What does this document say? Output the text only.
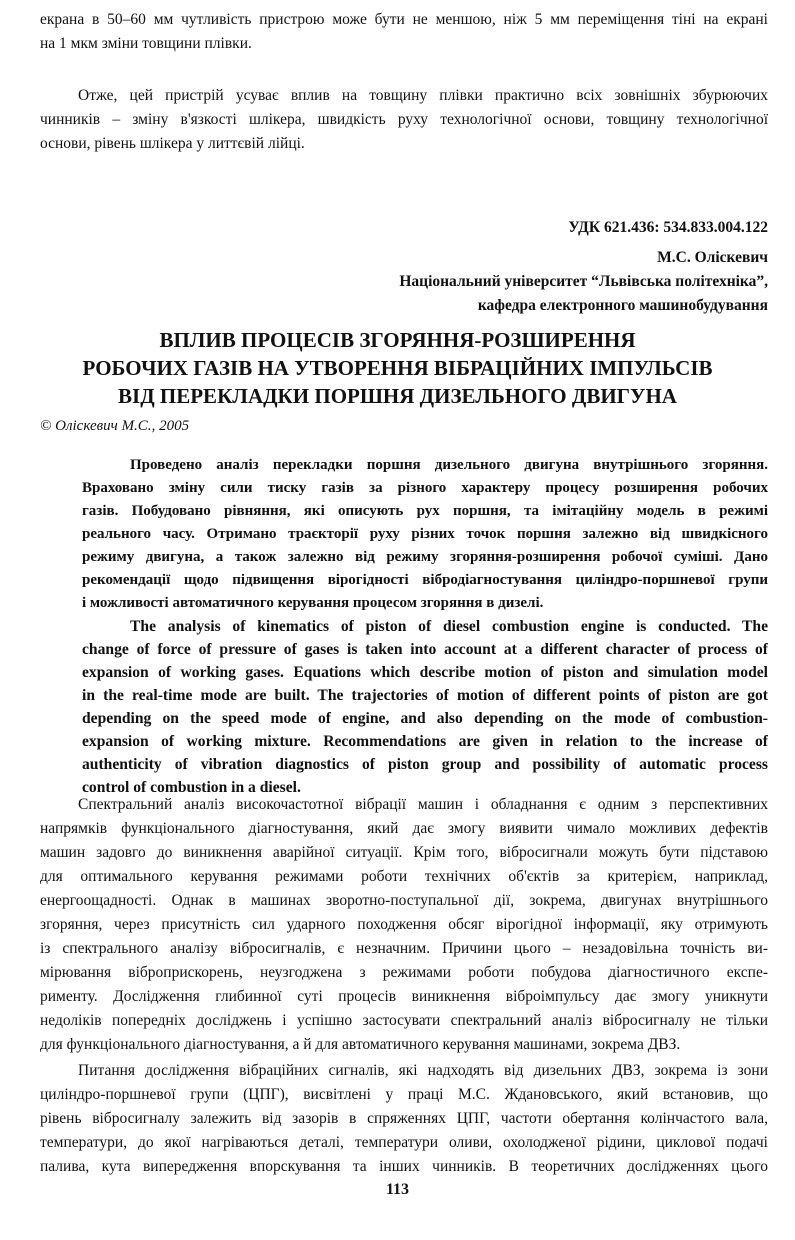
екрана в 50–60 мм чутливість пристрою може бути не меншою, ніж 5 мм переміщення тіні на екрані
на 1 мкм зміни товщини плівки.
Отже, цей пристрій усуває вплив на товщину плівки практично всіх зовнішніх збурюючих
чинників – зміну в'язкості шлікера, швидкість руху технологічної основи, товщину технологічної
основи, рівень шлікера у литтєвій лійці.
УДК 621.436: 534.833.004.122
М.С. Оліскевич
Національний університет “Львівська політехніка”,
кафедра електронного машинобудування
ВПЛИВ ПРОЦЕСІВ ЗГОРЯННЯ-РОЗШИРЕННЯ
РОБОЧИХ ГАЗІВ НА УТВОРЕННЯ ВІБРАЦІЙНИХ ІМПУЛЬСІВ
ВІД ПЕРЕКЛАДКИ ПОРШНЯ ДИЗЕЛЬНОГО ДВИГУНА
© Оліскевич М.С., 2005
Проведено аналіз перекладки поршня дизельного двигуна внутрішнього згоряння.
Враховано зміну сили тиску газів за різного характеру процесу розширення робочих
газів. Побудовано рівняння, які описують рух поршня, та імітаційну модель в режимі
реального часу. Отримано траєкторії руху різних точок поршня залежно від швидкісного
режиму двигуна, а також залежно від режиму згоряння-розширення робочої суміші. Дано
рекомендації щодо підвищення вірогідності вібродіагностування циліндро-поршневої групи
і можливості автоматичного керування процесом згоряння в дизелі.
The analysis of kinematics of piston of diesel combustion engine is conducted. The
change of force of pressure of gases is taken into account at a different character of process of
expansion of working gases. Equations which describe motion of piston and simulation model
in the real-time mode are built. The trajectories of motion of different points of piston are got
depending on the speed mode of engine, and also depending on the mode of combustion-
expansion of working mixture. Recommendations are given in relation to the increase of
authenticity of vibration diagnostics of piston group and possibility of automatic process
control of combustion in a diesel.
Спектральний аналіз високочастотної вібрації машин і обладнання є одним з перспективних
напрямків функціонального діагностування, який дає змогу виявити чимало можливих дефектів
машин задовго до виникнення аварійної ситуації. Крім того, вібросигнали можуть бути підставою
для оптимального керування режимами роботи технічних об'єктів за критерієм, наприклад,
енергоощадності. Однак в машинах зворотно-поступальної дії, зокрема, двигунах внутрішнього
згоряння, через присутність сил ударного походження обсяг вірогідної інформації, яку отримують
із спектрального аналізу вібросигналів, є незначним. Причини цього – незадовільна точність ви-
мірювання віброприскорень, неузгоджена з режимами роботи побудова діагностичного експе-
рименту. Дослідження глибинної суті процесів виникнення віброімпульсу дає змогу уникнути
недоліків попередніх досліджень і успішно застосувати спектральний аналіз вібросигналу не тільки
для функціонального діагностування, а й для автоматичного керування машинами, зокрема ДВЗ.
Питання дослідження вібраційних сигналів, які надходять від дизельних ДВЗ, зокрема із зони
циліндро-поршневої групи (ЦПГ), висвітлені у праці М.С. Ждановського, який встановив, що
рівень вібросигналу залежить від зазорів в спряженнях ЦПГ, частоти обертання колінчастого вала,
температури, до якої нагріваються деталі, температури оливи, охолодженої рідини, циклової подачі
палива, кута випередження впорскування та інших чинників. В теоретичних дослідженнях цього
113
